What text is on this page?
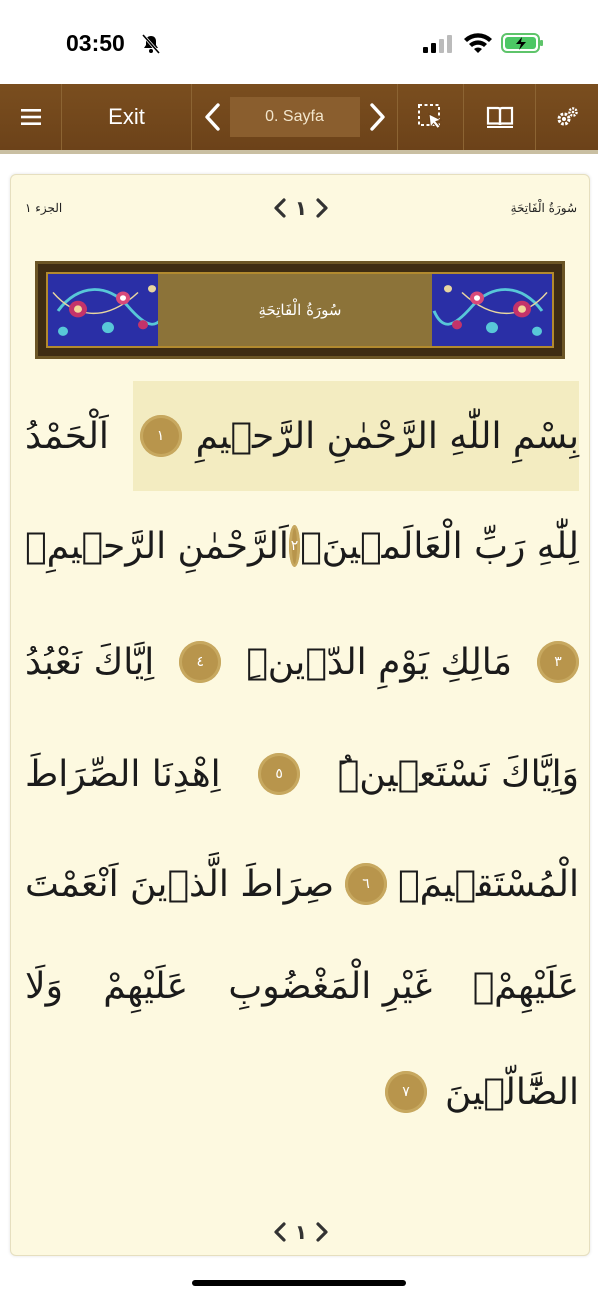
03:50
Exit	0. Sayfa
الجزء ١	سُورَةُ الْفَاتِحَةِ
١
سُورَةُ الْفَاتِحَةِ
بِسْمِ اللّٰهِ الرَّحْمٰنِ الرَّح۪يمِ
١
اَلْحَمْدُ
لِلّٰهِ رَبِّ الْعَالَم۪ينَۙ
٢
اَلرَّحْمٰنِ الرَّح۪يمِۙ
٣
مَالِكِ يَوْمِ الدّ۪ينِۜ
٤
اِيَّاكَ نَعْبُدُ
وَاِيَّاكَ نَسْتَع۪ينُۜ
٥
اِهْدِنَا الصِّرَاطَ
الْمُسْتَق۪يمَۙ
٦
صِرَاطَ الَّذ۪ينَ اَنْعَمْتَ
عَلَيْهِمْۙ
غَيْرِ الْمَغْضُوبِ
عَلَيْهِمْ
وَلَا
الضَّٓالّ۪ينَ
٧
١
